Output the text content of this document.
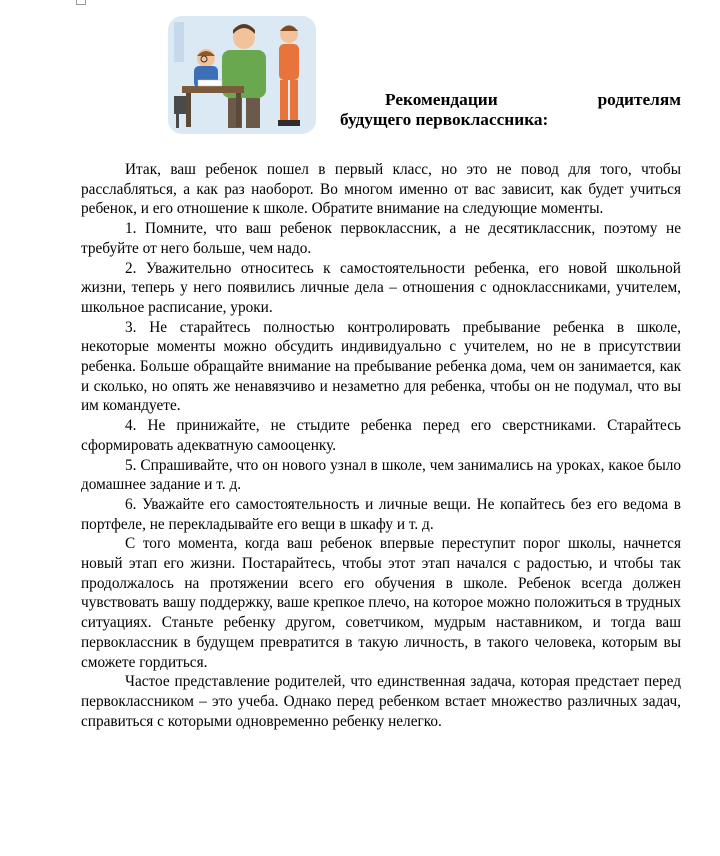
Рекомендации	родителям
будущего первоклассника:

Итак, ваш ребенок пошел в первый класс, но это не повод для того, чтобы расслабляться, а как раз наоборот. Во многом именно от вас зависит, как будет учиться ребенок, и его отношение к школе. Обратите внимание на следующие моменты.

1. Помните, что ваш ребенок первоклассник, а не десятиклассник, поэтому не требуйте от него больше, чем надо.

2. Уважительно относитесь к самостоятельности ребенка, его новой школьной жизни, теперь у него появились личные дела – отношения с одноклассниками, учителем, школьное расписание, уроки.

3. Не старайтесь полностью контролировать пребывание ребенка в школе, некоторые моменты можно обсудить индивидуально с учителем, но не в присутствии ребенка. Больше обращайте внимание на пребывание ребенка дома, чем он занимается, как и сколько, но опять же ненавязчиво и незаметно для ребенка, чтобы он не подумал, что вы им командуете.

4. Не принижайте, не стыдите ребенка перед его сверстниками. Старайтесь сформировать адекватную самооценку.

5. Спрашивайте, что он нового узнал в школе, чем занимались на уроках, какое было домашнее задание и т. д.

6. Уважайте его самостоятельность и личные вещи. Не копайтесь без его ведома в портфеле, не перекладывайте его вещи в шкафу и т. д.

С того момента, когда ваш ребенок впервые переступит порог школы, начнется новый этап его жизни. Постарайтесь, чтобы этот этап начался с радостью, и чтобы так продолжалось на протяжении всего его обучения в школе. Ребенок всегда должен чувствовать вашу поддержку, ваше крепкое плечо, на которое можно положиться в трудных ситуациях. Станьте ребенку другом, советчиком, мудрым наставником, и тогда ваш первоклассник в будущем превратится в такую личность, в такого человека, которым вы сможете гордиться.

Частое представление родителей, что единственная задача, которая предстает перед первоклассником – это учеба. Однако перед ребенком встает множество различных задач, справиться с которыми одновременно ребенку нелегко.
